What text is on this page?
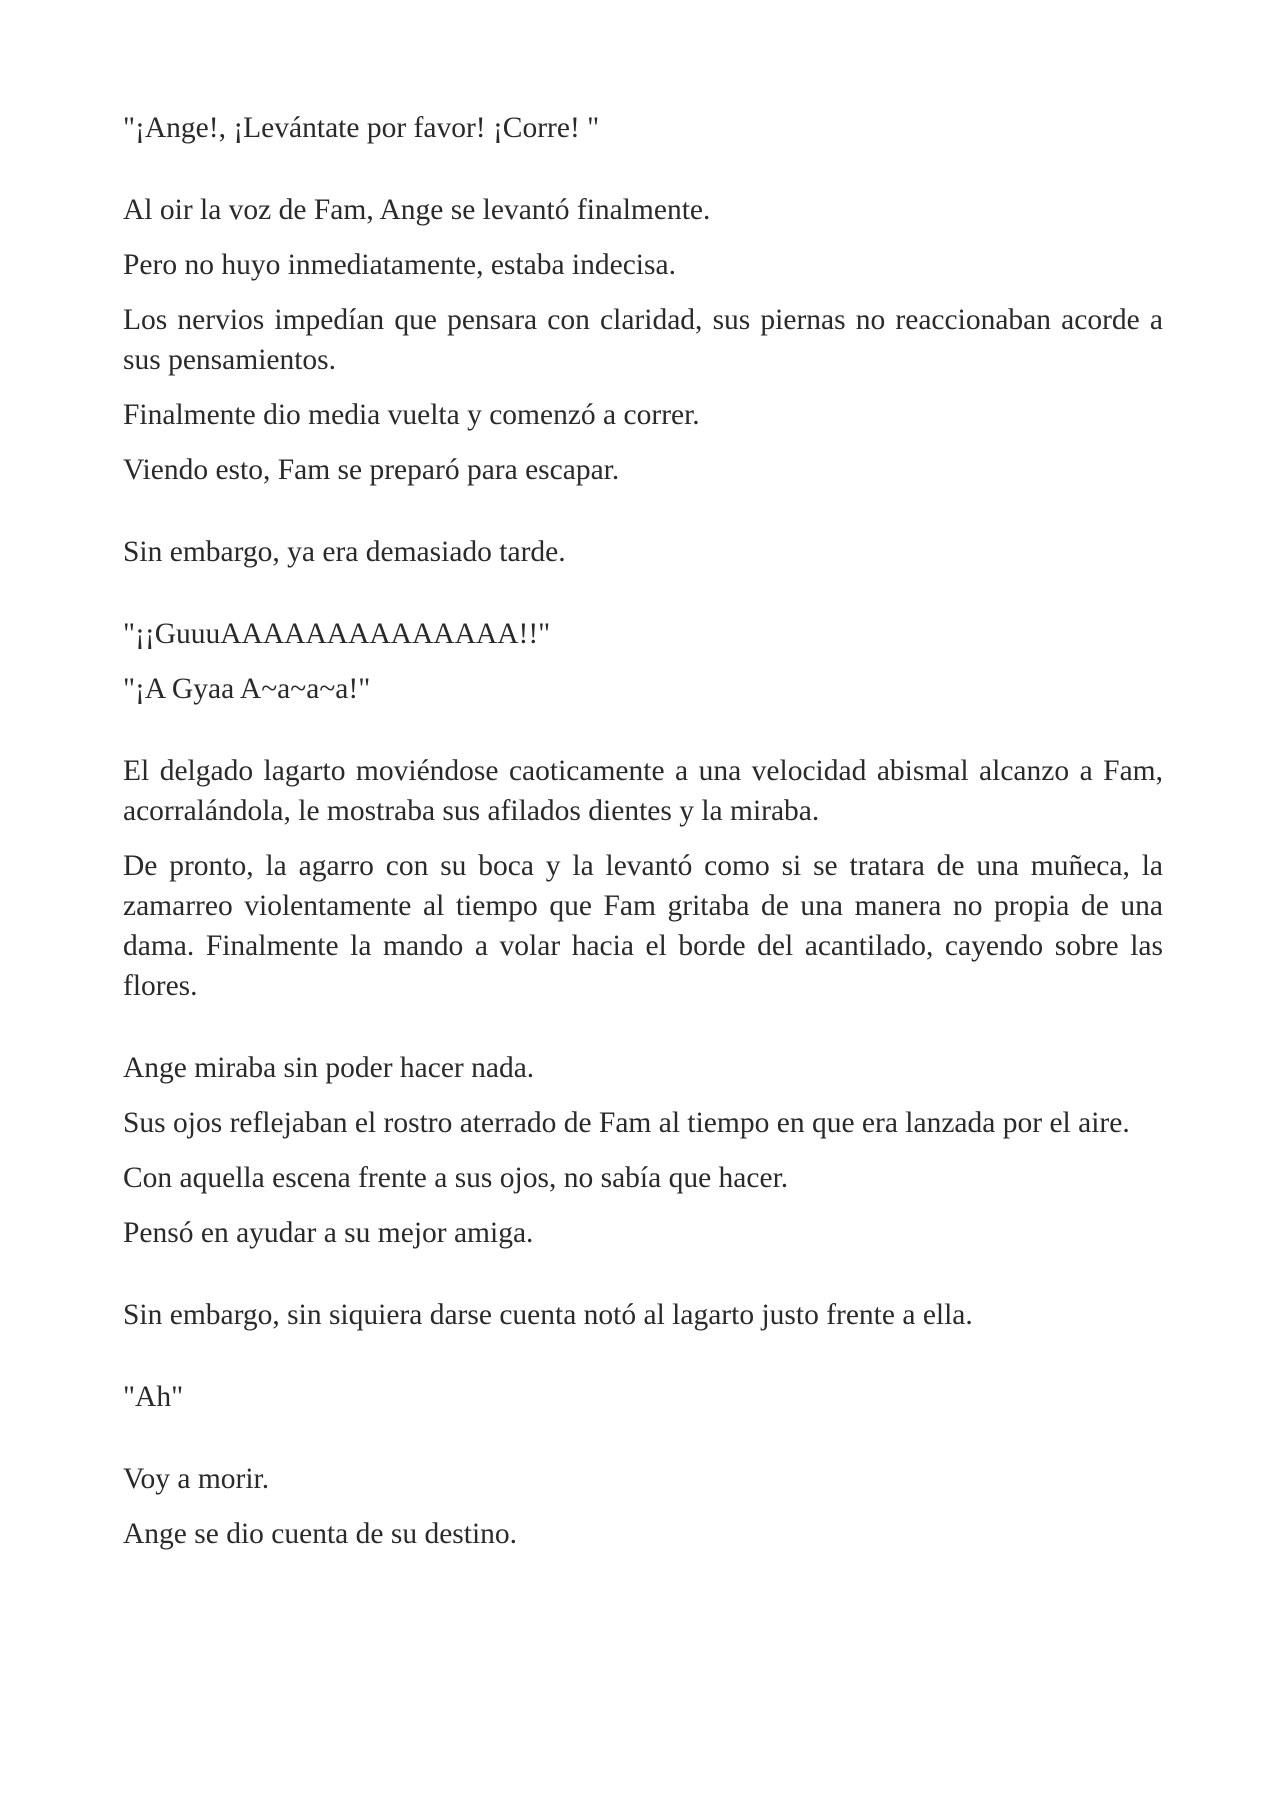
"¡Ange!, ¡Levántate por favor! ¡Corre! "

Al oir la voz de Fam, Ange se levantó finalmente.

Pero no huyo inmediatamente, estaba indecisa.

Los nervios impedían que pensara con claridad, sus piernas no reaccionaban acorde a sus pensamientos.

Finalmente dio media vuelta y comenzó a correr.

Viendo esto, Fam se preparó para escapar.

Sin embargo, ya era demasiado tarde.

"¡¡GuuuAAAAAAAAAAAAAA!!"

"¡A Gyaa A~a~a~a!"

El delgado lagarto moviéndose caoticamente a una velocidad abismal alcanzo a Fam, acorralándola, le mostraba sus afilados dientes y la miraba.

De pronto, la agarro con su boca y la levantó como si se tratara de una muñeca, la zamarreo violentamente al tiempo que Fam gritaba de una manera no propia de una dama. Finalmente la mando a volar hacia el borde del acantilado, cayendo sobre las flores.

Ange miraba sin poder hacer nada.

Sus ojos reflejaban el rostro aterrado de Fam al tiempo en que era lanzada por el aire.

Con aquella escena frente a sus ojos, no sabía que hacer.

Pensó en ayudar a su mejor amiga.

Sin embargo, sin siquiera darse cuenta notó al lagarto justo frente a ella.

"Ah"

Voy a morir.

Ange se dio cuenta de su destino.
